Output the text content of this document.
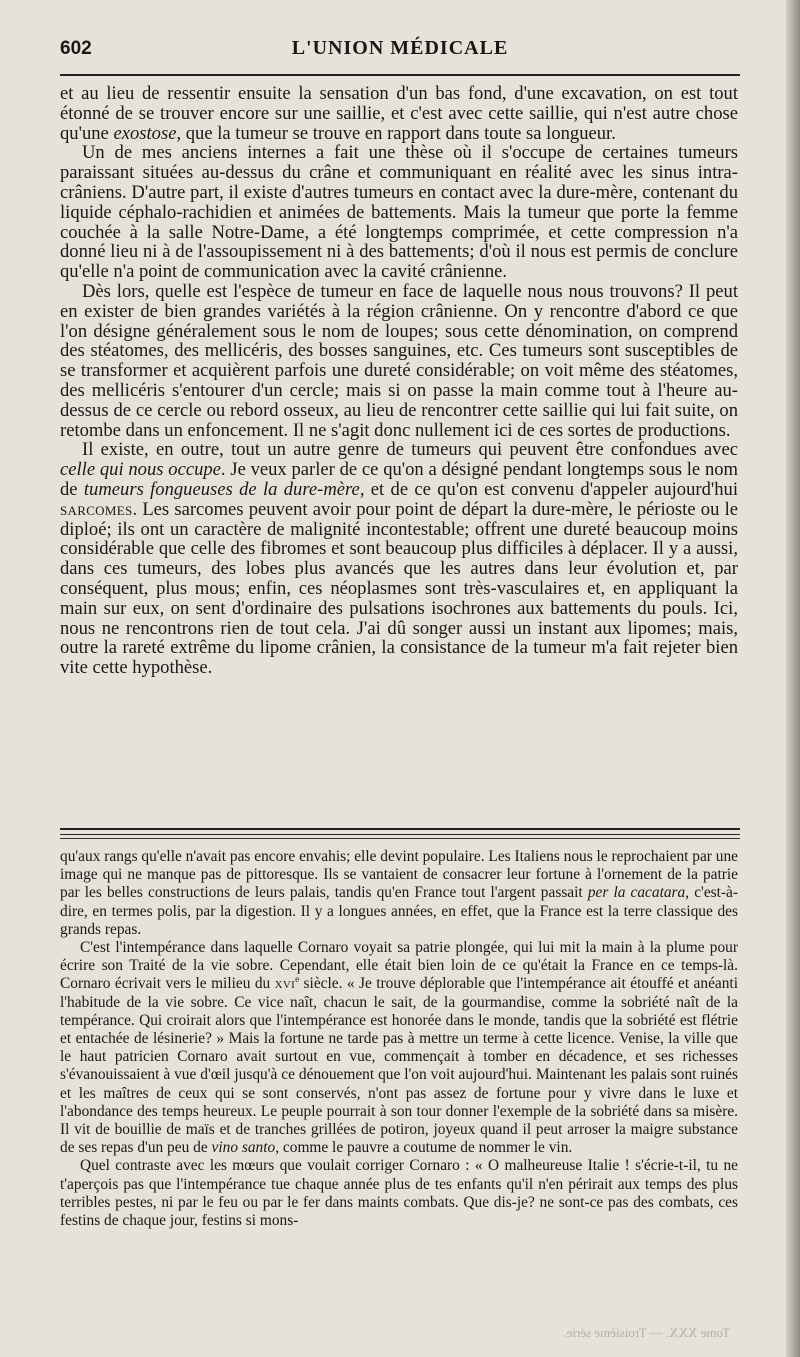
602	L'UNION MÉDICALE

et au lieu de ressentir ensuite la sensation d'un bas fond, d'une excavation, on est tout étonné de se trouver encore sur une saillie, et c'est avec cette saillie, qui n'est autre chose qu'une exostose, que la tumeur se trouve en rapport dans toute sa longueur.

Un de mes anciens internes a fait une thèse où il s'occupe de certaines tumeurs paraissant situées au-dessus du crâne et communiquant en réalité avec les sinus intra-crâniens. D'autre part, il existe d'autres tumeurs en contact avec la dure-mère, contenant du liquide céphalo-rachidien et animées de battements. Mais la tumeur que porte la femme couchée à la salle Notre-Dame, a été longtemps comprimée, et cette compression n'a donné lieu ni à de l'assoupissement ni à des battements; d'où il nous est permis de conclure qu'elle n'a point de communication avec la cavité crânienne.

Dès lors, quelle est l'espèce de tumeur en face de laquelle nous nous trouvons? Il peut en exister de bien grandes variétés à la région crânienne. On y rencontre d'abord ce que l'on désigne généralement sous le nom de loupes; sous cette dénomination, on comprend des stéatomes, des mellicéris, des bosses sanguines, etc. Ces tumeurs sont susceptibles de se transformer et acquièrent parfois une dureté considérable; on voit même des stéatomes, des mellicéris s'entourer d'un cercle; mais si on passe la main comme tout à l'heure au-dessus de ce cercle ou rebord osseux, au lieu de rencontrer cette saillie qui lui fait suite, on retombe dans un enfoncement. Il ne s'agit donc nullement ici de ces sortes de productions.

Il existe, en outre, tout un autre genre de tumeurs qui peuvent être confondues avec celle qui nous occupe. Je veux parler de ce qu'on a désigné pendant longtemps sous le nom de tumeurs fongueuses de la dure-mère, et de ce qu'on est convenu d'appeler aujourd'hui sarcomes. Les sarcomes peuvent avoir pour point de départ la dure-mère, le périoste ou le diploé; ils ont un caractère de malignité incontestable; offrent une dureté beaucoup moins considérable que celle des fibromes et sont beaucoup plus difficiles à déplacer. Il y a aussi, dans ces tumeurs, des lobes plus avancés que les autres dans leur évolution et, par conséquent, plus mous; enfin, ces néoplasmes sont très-vasculaires et, en appliquant la main sur eux, on sent d'ordinaire des pulsations isochrones aux battements du pouls. Ici, nous ne rencontrons rien de tout cela. J'ai dû songer aussi un instant aux lipomes; mais, outre la rareté extrême du lipome crânien, la consistance de la tumeur m'a fait rejeter bien vite cette hypothèse.

qu'aux rangs qu'elle n'avait pas encore envahis; elle devint populaire. Les Italiens nous le reprochaient par une image qui ne manque pas de pittoresque. Ils se vantaient de consacrer leur fortune à l'ornement de la patrie par les belles constructions de leurs palais, tandis qu'en France tout l'argent passait per la cacatara, c'est-à-dire, en termes polis, par la digestion. Il y a longues années, en effet, que la France est la terre classique des grands repas.

C'est l'intempérance dans laquelle Cornaro voyait sa patrie plongée, qui lui mit la main à la plume pour écrire son Traité de la vie sobre. Cependant, elle était bien loin de ce qu'était la France en ce temps-là. Cornaro écrivait vers le milieu du xvi$^e$ siècle. « Je trouve déplorable que l'intempérance ait étouffé et anéanti l'habitude de la vie sobre. Ce vice naît, chacun le sait, de la gourmandise, comme la sobriété naît de la tempérance. Qui croirait alors que l'intempérance est honorée dans le monde, tandis que la sobriété est flétrie et entachée de lésinerie? » Mais la fortune ne tarde pas à mettre un terme à cette licence. Venise, la ville que le haut patricien Cornaro avait surtout en vue, commençait à tomber en décadence, et ses richesses s'évanouissaient à vue d'œil jusqu'à ce dénouement que l'on voit aujourd'hui. Maintenant les palais sont ruinés et les maîtres de ceux qui se sont conservés, n'ont pas assez de fortune pour y vivre dans le luxe et l'abondance des temps heureux. Le peuple pourrait à son tour donner l'exemple de la sobriété dans sa misère. Il vit de bouillie de maïs et de tranches grillées de potiron, joyeux quand il peut arroser la maigre substance de ses repas d'un peu de vino santo, comme le pauvre a coutume de nommer le vin.

Quel contraste avec les mœurs que voulait corriger Cornaro : « O malheureuse Italie ! s'écrie-t-il, tu ne t'aperçois pas que l'intempérance tue chaque année plus de tes enfants qu'il n'en périrait aux temps des plus terribles pestes, ni par le feu ou par le fer dans maints combats. Que dis-je? ne sont-ce pas des combats, ces festins de chaque jour, festins si mons-

Tome XXX. — Troisième série.
